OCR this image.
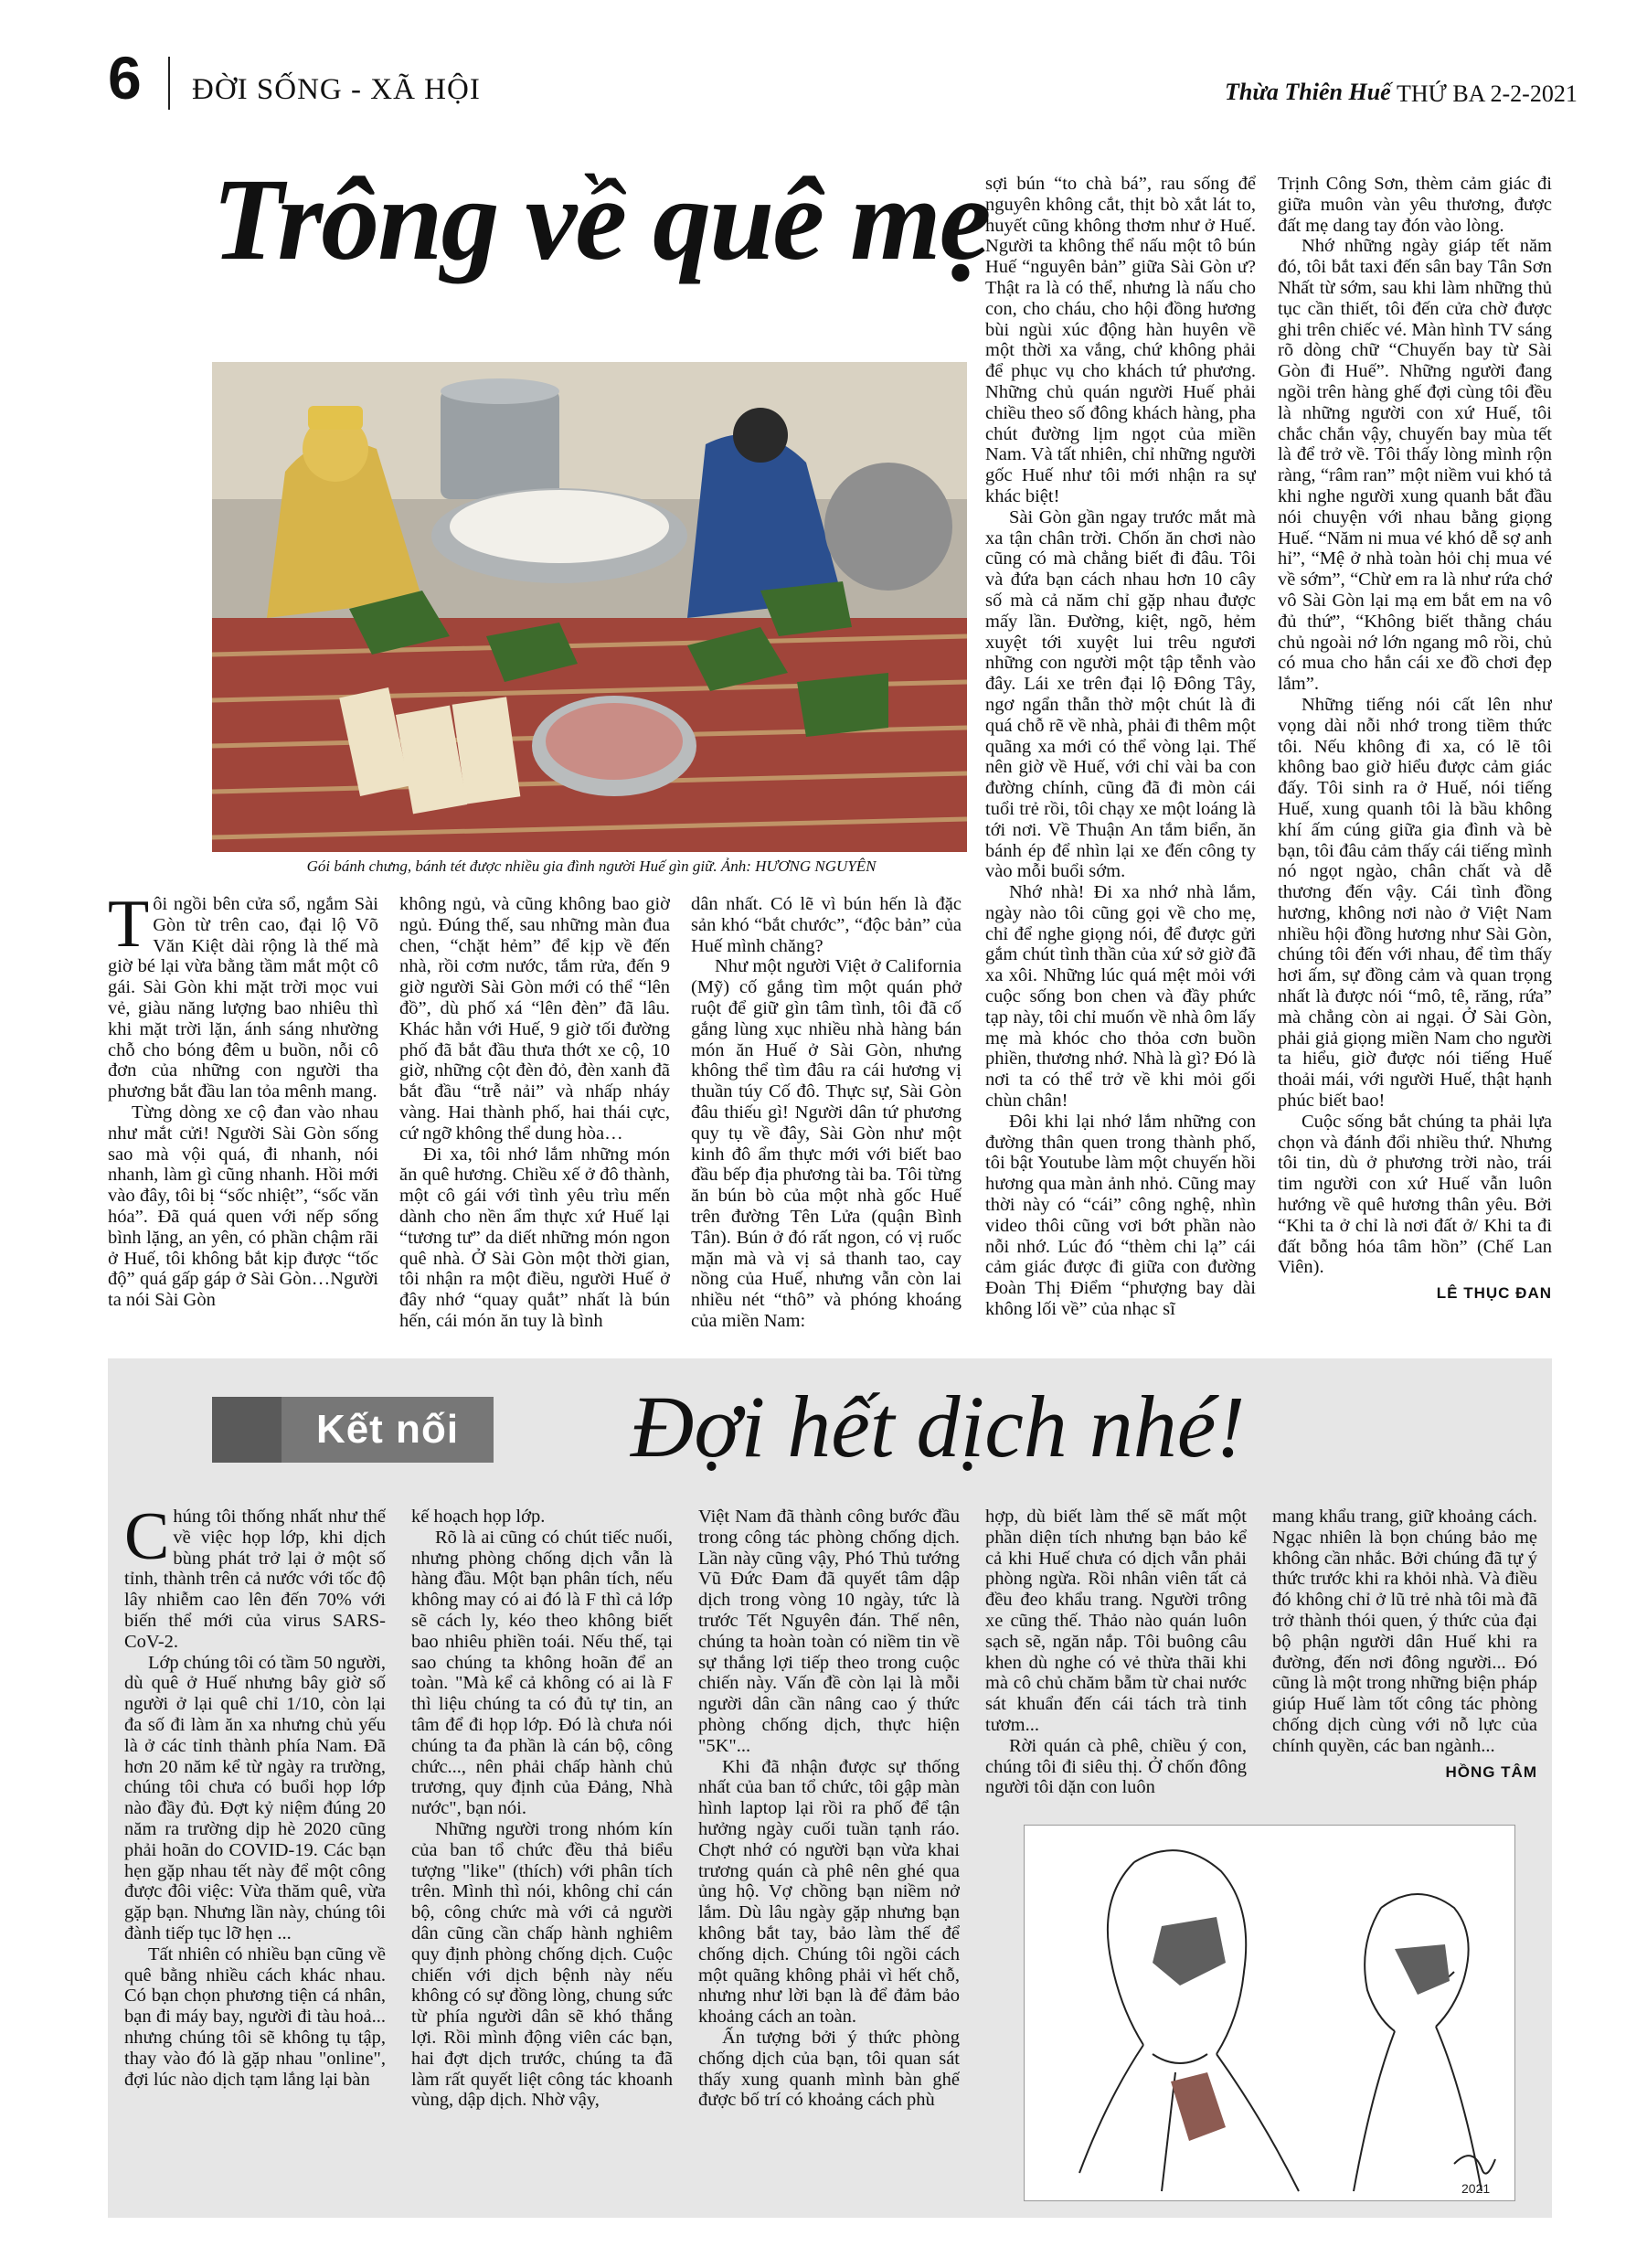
6 ĐỜI SỐNG - XÃ HỘI	Thừa Thiên Huế THỨ BA 2-2-2021
Trông về quê mẹ
Gói bánh chưng, bánh tét được nhiều gia đình người Huế gìn giữ. Ảnh: HƯƠNG NGUYÊN

Tôi ngồi bên cửa sổ, ngắm Sài Gòn từ trên cao, đại lộ Võ Văn Kiệt dài rộng là thế mà giờ bé lại vừa bằng tầm mắt một cô gái. Sài Gòn khi mặt trời mọc vui vẻ, giàu năng lượng bao nhiêu thì khi mặt trời lặn, ánh sáng nhường chỗ cho bóng đêm u buồn, nỗi cô đơn của những con người tha phương bắt đầu lan tỏa mênh mang.

Từng dòng xe cộ đan vào nhau như mắt cửi! Người Sài Gòn sống sao mà vội quá, đi nhanh, nói nhanh, làm gì cũng nhanh. Hồi mới vào đây, tôi bị “sốc nhiệt”, “sốc văn hóa”. Đã quá quen với nếp sống bình lặng, an yên, có phần chậm rãi ở Huế, tôi không bắt kịp được “tốc độ” quá gấp gáp ở Sài Gòn…Người ta nói Sài Gòn

không ngủ, và cũng không bao giờ ngủ. Đúng thế, sau những màn đua chen, “chặt hẻm” để kịp về đến nhà, rồi cơm nước, tắm rửa, đến 9 giờ người Sài Gòn mới có thể “lên đồ”, dù phố xá “lên đèn” đã lâu. Khác hẳn với Huế, 9 giờ tối đường phố đã bắt đầu thưa thớt xe cộ, 10 giờ, những cột đèn đỏ, đèn xanh đã bắt đầu “trễ nải” và nhấp nháy vàng. Hai thành phố, hai thái cực, cứ ngỡ không thể dung hòa…

Đi xa, tôi nhớ lắm những món ăn quê hương. Chiều xế ở đô thành, một cô gái với tình yêu trìu mến dành cho nền ẩm thực xứ Huế lại “tương tư” da diết những món ngon quê nhà. Ở Sài Gòn một thời gian, tôi nhận ra một điều, người Huế ở đây nhớ “quay quắt” nhất là bún hến, cái món ăn tuy là bình

dân nhất. Có lẽ vì bún hến là đặc sản khó “bắt chước”, “độc bản” của Huế mình chăng?

Như một người Việt ở California (Mỹ) cố gắng tìm một quán phở ruột để giữ gìn tâm tình, tôi đã cố gắng lùng xục nhiều nhà hàng bán món ăn Huế ở Sài Gòn, nhưng không thể tìm đâu ra cái hương vị thuần túy Cố đô. Thực sự, Sài Gòn đâu thiếu gì! Người dân tứ phương quy tụ về đây, Sài Gòn như một kinh đô ẩm thực mới với biết bao đầu bếp địa phương tài ba. Tôi từng ăn bún bò của một nhà gốc Huế trên đường Tên Lửa (quận Bình Tân). Bún ở đó rất ngon, có vị ruốc mặn mà và vị sả thanh tao, cay nồng của Huế, nhưng vẫn còn lai nhiều nét “thô” và phóng khoáng của miền Nam:

sợi bún “to chà bá”, rau sống để nguyên không cắt, thịt bò xắt lát to, huyết cũng không thơm như ở Huế. Người ta không thể nấu một tô bún Huế “nguyên bản” giữa Sài Gòn ư? Thật ra là có thể, nhưng là nấu cho con, cho cháu, cho hội đồng hương bùi ngùi xúc động hàn huyên về một thời xa vắng, chứ không phải để phục vụ cho khách tứ phương. Những chủ quán người Huế phải chiều theo số đông khách hàng, pha chút đường lịm ngọt của miền Nam. Và tất nhiên, chỉ những người gốc Huế như tôi mới nhận ra sự khác biệt!

Sài Gòn gần ngay trước mắt mà xa tận chân trời. Chốn ăn chơi nào cũng có mà chẳng biết đi đâu. Tôi và đứa bạn cách nhau hơn 10 cây số mà cả năm chỉ gặp nhau được mấy lần. Đường, kiệt, ngõ, hẻm xuyệt tới xuyệt lui trêu ngươi những con người một tập tễnh vào đây. Lái xe trên đại lộ Đông Tây, ngơ ngẩn thẫn thờ một chút là đi quá chỗ rẽ về nhà, phải đi thêm một quãng xa mới có thể vòng lại. Thế nên giờ về Huế, với chỉ vài ba con đường chính, cũng đã đi mòn cái tuổi trẻ rồi, tôi chạy xe một loáng là tới nơi. Về Thuận An tắm biển, ăn bánh ép để nhìn lại xe đến công ty vào mỗi buổi sớm.

Nhớ nhà! Đi xa nhớ nhà lắm, ngày nào tôi cũng gọi về cho mẹ, chỉ để nghe giọng nói, để được gửi gắm chút tình thần của xứ sở giờ đã xa xôi. Những lúc quá mệt mỏi với cuộc sống bon chen và đầy phức tạp này, tôi chỉ muốn về nhà ôm lấy mẹ mà khóc cho thỏa cơn buồn phiền, thương nhớ. Nhà là gì? Đó là nơi ta có thể trở về khi mỏi gối chùn chân!

Đôi khi lại nhớ lắm những con đường thân quen trong thành phố, tôi bật Youtube làm một chuyến hồi hương qua màn ảnh nhỏ. Cũng may thời này có “cái” công nghệ, nhìn video thôi cũng vơi bớt phần nào nỗi nhớ. Lúc đó “thèm chi lạ” cái cảm giác được đi giữa con đường Đoàn Thị Điểm “phượng bay dài không lối về” của nhạc sĩ

Trịnh Công Sơn, thèm cảm giác đi giữa muôn vàn yêu thương, được đất mẹ dang tay đón vào lòng.

Nhớ những ngày giáp tết năm đó, tôi bắt taxi đến sân bay Tân Sơn Nhất từ sớm, sau khi làm những thủ tục cần thiết, tôi đến cửa chờ được ghi trên chiếc vé. Màn hình TV sáng rõ dòng chữ “Chuyến bay từ Sài Gòn đi Huế”. Những người đang ngồi trên hàng ghế đợi cùng tôi đều là những người con xứ Huế, tôi chắc chắn vậy, chuyến bay mùa tết là để trở về. Tôi thấy lòng mình rộn ràng, “râm ran” một niềm vui khó tả khi nghe người xung quanh bắt đầu nói chuyện với nhau bằng giọng Huế. “Năm ni mua vé khó dễ sợ anh hỉ”, “Mệ ở nhà toàn hỏi chị mua vé về sớm”, “Chừ em ra là như rứa chớ vô Sài Gòn lại mạ em bắt em na vô đủ thứ”, “Không biết thằng cháu chủ ngoài nớ lớn ngang mô rồi, chủ có mua cho hắn cái xe đồ chơi đẹp lắm”.

Những tiếng nói cất lên như vọng dài nỗi nhớ trong tiềm thức tôi. Nếu không đi xa, có lẽ tôi không bao giờ hiểu được cảm giác đấy. Tôi sinh ra ở Huế, nói tiếng Huế, xung quanh tôi là bầu không khí ấm cúng giữa gia đình và bè bạn, tôi đâu cảm thấy cái tiếng mình nó ngọt ngào, chân chất và dễ thương đến vậy. Cái tình đồng hương, không nơi nào ở Việt Nam nhiều hội đồng hương như Sài Gòn, chúng tôi đến với nhau, để tìm thấy hơi ấm, sự đồng cảm và quan trọng nhất là được nói “mô, tê, răng, rứa” mà chẳng còn ai ngại. Ở Sài Gòn, phải giả giọng miền Nam cho người ta hiểu, giờ được nói tiếng Huế thoải mái, với người Huế, thật hạnh phúc biết bao!

Cuộc sống bắt chúng ta phải lựa chọn và đánh đổi nhiều thứ. Nhưng tôi tin, dù ở phương trời nào, trái tim người con xứ Huế vẫn luôn hướng về quê hương thân yêu. Bởi “Khi ta ở chỉ là nơi đất ở/ Khi ta đi đất bỗng hóa tâm hồn” (Chế Lan Viên).

LÊ THỤC ĐAN

Kết nối	Đợi hết dịch nhé!

Chúng tôi thống nhất như thế về việc họp lớp, khi dịch bùng phát trở lại ở một số tỉnh, thành trên cả nước với tốc độ lây nhiễm cao lên đến 70% với biến thể mới của virus SARS-CoV-2.

Lớp chúng tôi có tầm 50 người, dù quê ở Huế nhưng bây giờ số người ở lại quê chỉ 1/10, còn lại đa số đi làm ăn xa nhưng chủ yếu là ở các tỉnh thành phía Nam. Đã hơn 20 năm kể từ ngày ra trường, chúng tôi chưa có buổi họp lớp nào đầy đủ. Đợt kỷ niệm đúng 20 năm ra trường dịp hè 2020 cũng phải hoãn do COVID-19. Các bạn hẹn gặp nhau tết này để một công được đôi việc: Vừa thăm quê, vừa gặp bạn. Nhưng lần này, chúng tôi đành tiếp tục lỡ hẹn ...

Tất nhiên có nhiều bạn cũng về quê bằng nhiều cách khác nhau. Có bạn chọn phương tiện cá nhân, bạn đi máy bay, người đi tàu hoả... nhưng chúng tôi sẽ không tụ tập, thay vào đó là gặp nhau "online", đợi lúc nào dịch tạm lắng lại bàn

kế hoạch họp lớp.

Rõ là ai cũng có chút tiếc nuối, nhưng phòng chống dịch vẫn là hàng đầu. Một bạn phân tích, nếu không may có ai đó là F thì cả lớp sẽ cách ly, kéo theo không biết bao nhiêu phiền toái. Nếu thế, tại sao chúng ta không hoãn để an toàn. "Mà kể cả không có ai là F thì liệu chúng ta có đủ tự tin, an tâm để đi họp lớp. Đó là chưa nói chúng ta đa phần là cán bộ, công chức..., nên phải chấp hành chủ trương, quy định của Đảng, Nhà nước", bạn nói.

Những người trong nhóm kín của ban tổ chức đều thả biểu tượng "like" (thích) với phân tích trên. Mình thì nói, không chỉ cán bộ, công chức mà với cả người dân cũng cần chấp hành nghiêm quy định phòng chống dịch. Cuộc chiến với dịch bệnh này nếu không có sự đồng lòng, chung sức từ phía người dân sẽ khó thắng lợi. Rồi mình động viên các bạn, hai đợt dịch trước, chúng ta đã làm rất quyết liệt công tác khoanh vùng, dập dịch. Nhờ vậy,

Việt Nam đã thành công bước đầu trong công tác phòng chống dịch. Lần này cũng vậy, Phó Thủ tướng Vũ Đức Đam đã quyết tâm dập dịch trong vòng 10 ngày, tức là trước Tết Nguyên đán. Thế nên, chúng ta hoàn toàn có niềm tin về sự thắng lợi tiếp theo trong cuộc chiến này. Vấn đề còn lại là mỗi người dân cần nâng cao ý thức phòng chống dịch, thực hiện "5K"...

Khi đã nhận được sự thống nhất của ban tổ chức, tôi gập màn hình laptop lại rồi ra phố để tận hưởng ngày cuối tuần tạnh ráo. Chợt nhớ có người bạn vừa khai trương quán cà phê nên ghé qua ủng hộ. Vợ chồng bạn niềm nở lắm. Dù lâu ngày gặp nhưng bạn không bắt tay, bảo làm thế để chống dịch. Chúng tôi ngồi cách một quãng không phải vì hết chỗ, nhưng như lời bạn là để đảm bảo khoảng cách an toàn.

Ấn tượng bởi ý thức phòng chống dịch của bạn, tôi quan sát thấy xung quanh mình bàn ghế được bố trí có khoảng cách phù

hợp, dù biết làm thế sẽ mất một phần diện tích nhưng bạn bảo kể cả khi Huế chưa có dịch vẫn phải phòng ngừa. Rồi nhân viên tất cả đều đeo khẩu trang. Người trông xe cũng thế. Thảo nào quán luôn sạch sẽ, ngăn nắp. Tôi buông câu khen dù nghe có vẻ thừa thãi khi mà cô chủ chăm bẵm từ chai nước sát khuẩn đến cái tách trà tinh tươm...

Rời quán cà phê, chiều ý con, chúng tôi đi siêu thị. Ở chốn đông người tôi dặn con luôn

mang khẩu trang, giữ khoảng cách. Ngạc nhiên là bọn chúng bảo mẹ không cần nhắc. Bởi chúng đã tự ý thức trước khi ra khỏi nhà. Và điều đó không chỉ ở lũ trẻ nhà tôi mà đã trở thành thói quen, ý thức của đại bộ phận người dân Huế khi ra đường, đến nơi đông người... Đó cũng là một trong những biện pháp giúp Huế làm tốt công tác phòng chống dịch cùng với nỗ lực của chính quyền, các ban ngành...

HỒNG TÂM

2021
